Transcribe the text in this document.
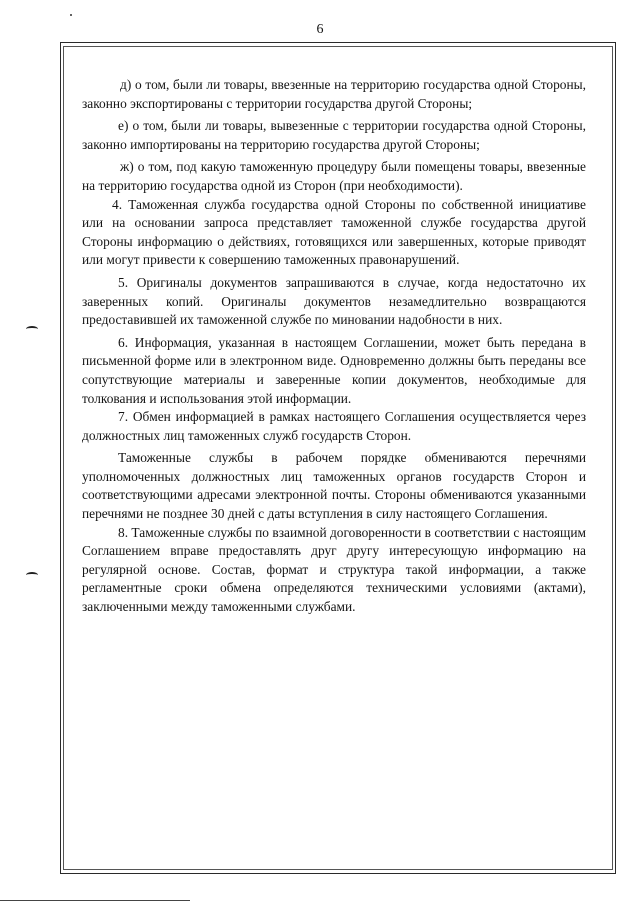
6

д) о том, были ли товары, ввезенные на территорию государства одной Стороны, законно экспортированы с территории государства другой Стороны;

е) о том, были ли товары, вывезенные с территории государства одной Стороны, законно импортированы на территорию государства другой Стороны;

ж) о том, под какую таможенную процедуру были помещены товары, ввезенные на территорию государства одной из Сторон (при необходимости).

4. Таможенная служба государства одной Стороны по собственной инициативе или на основании запроса представляет таможенной службе государства другой Стороны информацию о действиях, готовящихся или завершенных, которые приводят или могут привести к совершению таможенных правонарушений.

5. Оригиналы документов запрашиваются в случае, когда недостаточно их заверенных копий. Оригиналы документов незамедлительно возвращаются предоставившей их таможенной службе по миновании надобности в них.

6. Информация, указанная в настоящем Соглашении, может быть передана в письменной форме или в электронном виде. Одновременно должны быть переданы все сопутствующие материалы и заверенные копии документов, необходимые для толкования и использования этой информации.

7. Обмен информацией в рамках настоящего Соглашения осуществляется через должностных лиц таможенных служб государств Сторон.

Таможенные службы в рабочем порядке обмениваются перечнями уполномоченных должностных лиц таможенных органов государств Сторон и соответствующими адресами электронной почты. Стороны обмениваются указанными перечнями не позднее 30 дней с даты вступления в силу настоящего Соглашения.

8. Таможенные службы по взаимной договоренности в соответствии с настоящим Соглашением вправе предоставлять друг другу интересующую информацию на регулярной основе. Состав, формат и структура такой информации, а также регламентные сроки обмена определяются техническими условиями (актами), заключенными между таможенными службами.
